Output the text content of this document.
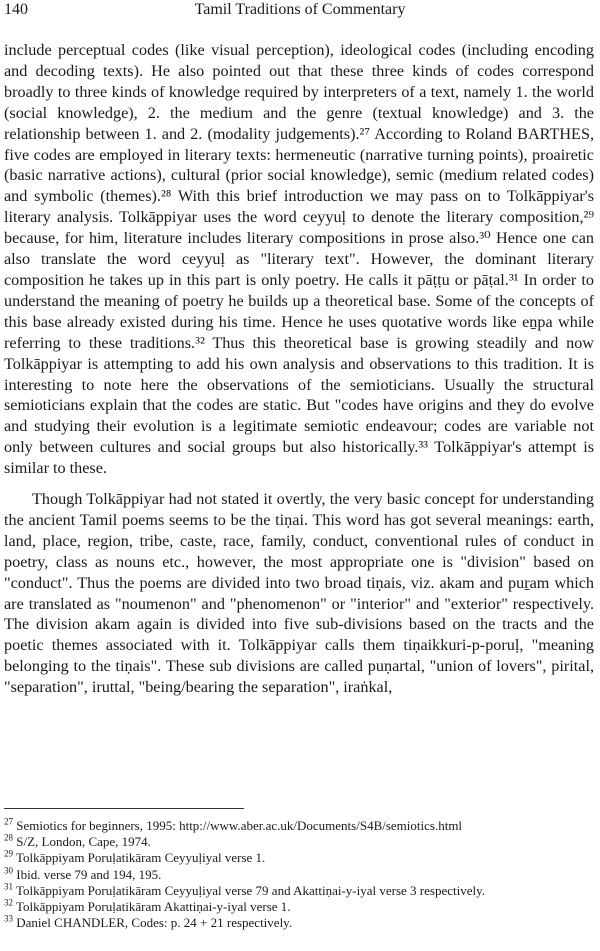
140	Tamil Traditions of Commentary

include perceptual codes (like visual perception), ideological codes (including encoding and decoding texts). He also pointed out that these three kinds of codes correspond broadly to three kinds of knowledge required by interpreters of a text, namely 1. the world (social knowledge), 2. the medium and the genre (textual knowledge) and 3. the relationship between 1. and 2. (modality judgements).²⁷ According to Roland BARTHES, five codes are employed in literary texts: hermeneutic (narrative turning points), proairetic (basic narrative actions), cultural (prior social knowledge), semic (medium related codes) and symbolic (themes).²⁸ With this brief introduction we may pass on to Tolkāppiyar's literary analysis. Tolkāppiyar uses the word ceyyuḷ to denote the literary composition,²⁹ because, for him, literature includes literary compositions in prose also.³⁰ Hence one can also translate the word ceyyuḷ as "literary text". However, the dominant literary composition he takes up in this part is only poetry. He calls it pāṭṭu or pāṭal.³¹ In order to understand the meaning of poetry he builds up a theoretical base. Some of the concepts of this base already existed during his time. Hence he uses quotative words like eṉpa while referring to these traditions.³² Thus this theoretical base is growing steadily and now Tolkāppiyar is attempting to add his own analysis and observations to this tradition. It is interesting to note here the observations of the semioticians. Usually the structural semioticians explain that the codes are static. But "codes have origins and they do evolve and studying their evolution is a legitimate semiotic endeavour; codes are variable not only between cultures and social groups but also historically.³³ Tolkāppiyar's attempt is similar to these.

Though Tolkāppiyar had not stated it overtly, the very basic concept for understanding the ancient Tamil poems seems to be the tiṇai. This word has got several meanings: earth, land, place, region, tribe, caste, race, family, conduct, conventional rules of conduct in poetry, class as nouns etc., however, the most appropriate one is "division" based on "conduct". Thus the poems are divided into two broad tiṇais, viz. akam and puṟam which are translated as "noumenon" and "phenomenon" or "interior" and "exterior" respectively. The division akam again is divided into five sub-divisions based on the tracts and the poetic themes associated with it. Tolkāppiyar calls them tiṇaikkuri-p-poruḷ, "meaning belonging to the tiṇais". These sub divisions are called puṇartal, "union of lovers", pirital, "separation", iruttal, "being/bearing the separation", iraṅkal,

$^{27}$ Semiotics for beginners, 1995: http://www.aber.ac.uk/Documents/S4B/semiotics.html

$^{28}$ S/Z, London, Cape, 1974.

$^{29}$ Tolkāppiyam Poruḷatikāram Ceyyuḷiyal verse 1.

$^{30}$ Ibid. verse 79 and 194, 195.

$^{31}$ Tolkāppiyam Poruḷatikāram Ceyyuḷiyal verse 79 and Akattiṇai-y-iyal verse 3 respectively.

$^{32}$ Tolkāppiyam Poruḷatikāram Akattiṇai-y-iyal verse 1.

$^{33}$ Daniel CHANDLER, Codes: p. 24 + 21 respectively.
